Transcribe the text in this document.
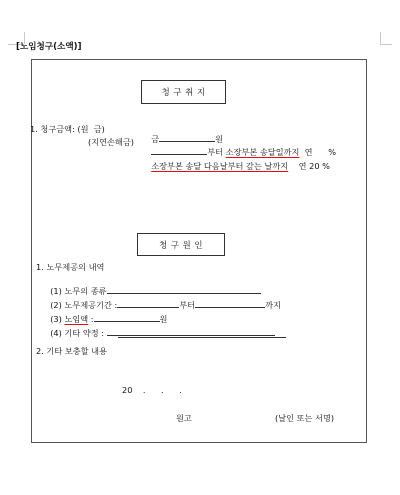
[노임청구(소액)]
청 구 취 지
1. 청구금액: (원  금)

금	원

(지연손해금)

부터 소장부본 송달일까지 연 %

소장부본 송달 다음날부터 갚는 날까지 연 20 %

청 구 원 인
1. 노무제공의 내역

(1) 노무의 종류

(2) 노무제공기간 :	부터	까지

(3) 노임액 :	원

(4) 기타 약정 :

2. 기타 보충할 내용
20    .      .      .
원고	(날인 또는 서명)
